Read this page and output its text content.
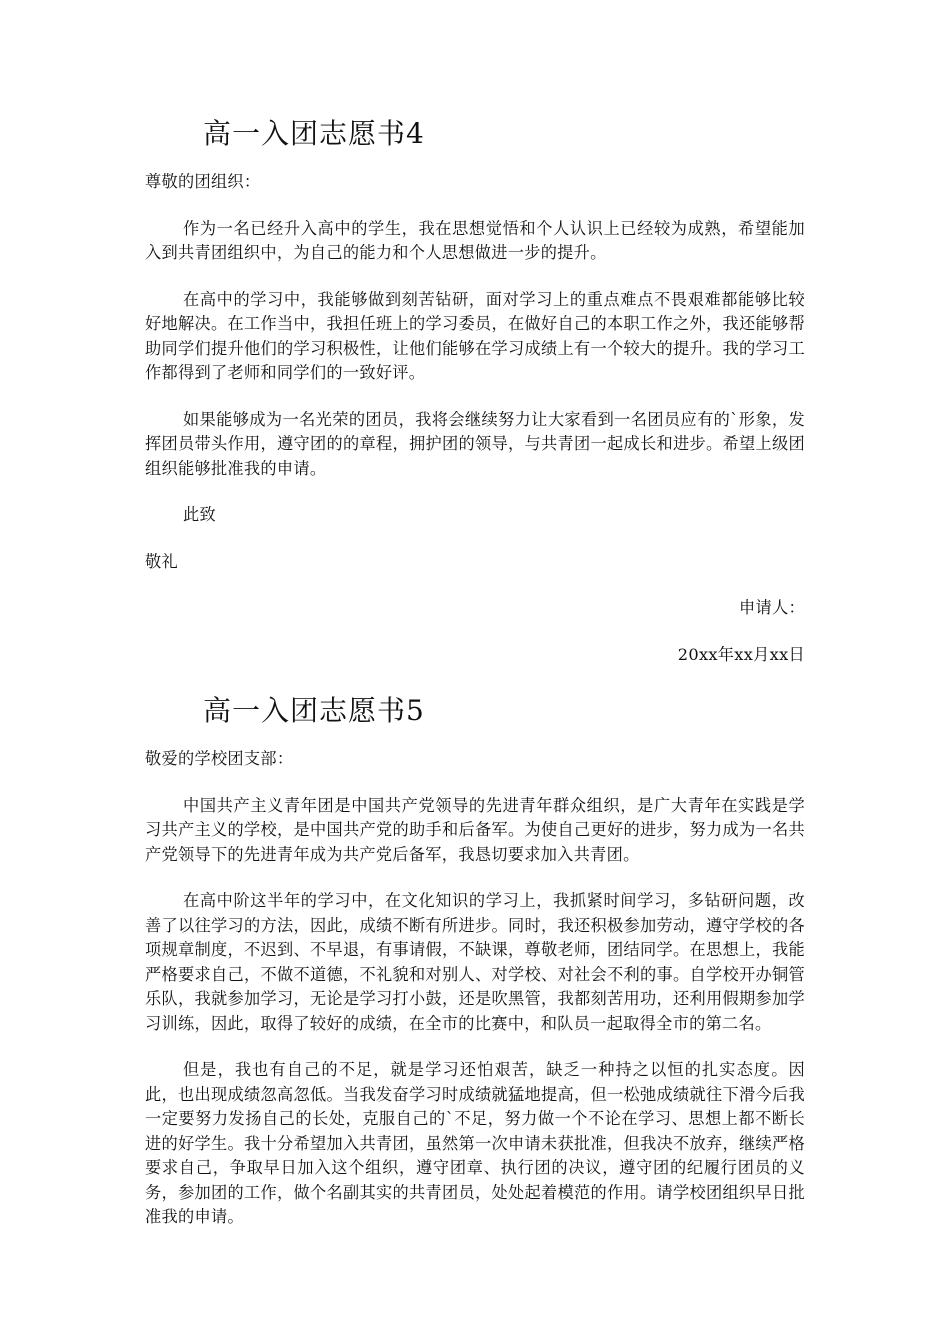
高一入团志愿书4

尊敬的团组织：

作为一名已经升入高中的学生，我在思想觉悟和个人认识上已经较为成熟，希望能加入到共青团组织中，为自己的能力和个人思想做进一步的提升。

在高中的学习中，我能够做到刻苦钻研，面对学习上的重点难点不畏艰难都能够比较好地解决。在工作当中，我担任班上的学习委员，在做好自己的本职工作之外，我还能够帮助同学们提升他们的学习积极性，让他们能够在学习成绩上有一个较大的提升。我的学习工作都得到了老师和同学们的一致好评。

如果能够成为一名光荣的团员，我将会继续努力让大家看到一名团员应有的`形象，发挥团员带头作用，遵守团的的章程，拥护团的领导，与共青团一起成长和进步。希望上级团组织能够批准我的申请。

此致

敬礼

申请人：

20xx年xx月xx日

高一入团志愿书5

敬爱的学校团支部：

中国共产主义青年团是中国共产党领导的先进青年群众组织，是广大青年在实践是学习共产主义的学校，是中国共产党的助手和后备军。为使自己更好的进步，努力成为一名共产党领导下的先进青年成为共产党后备军，我恳切要求加入共青团。

在高中阶这半年的学习中，在文化知识的学习上，我抓紧时间学习，多钻研问题，改善了以往学习的方法，因此，成绩不断有所进步。同时，我还积极参加劳动，遵守学校的各项规章制度，不迟到、不早退，有事请假，不缺课，尊敬老师，团结同学。在思想上，我能严格要求自己，不做不道德，不礼貌和对别人、对学校、对社会不利的事。自学校开办铜管乐队，我就参加学习，无论是学习打小鼓，还是吹黑管，我都刻苦用功，还利用假期参加学习训练，因此，取得了较好的成绩，在全市的比赛中，和队员一起取得全市的第二名。

但是，我也有自己的不足，就是学习还怕艰苦，缺乏一种持之以恒的扎实态度。因此，也出现成绩忽高忽低。当我发奋学习时成绩就猛地提高，但一松弛成绩就往下滑今后我一定要努力发扬自己的长处，克服自己的`不足，努力做一个不论在学习、思想上都不断长进的好学生。我十分希望加入共青团，虽然第一次申请未获批准，但我决不放弃，继续严格要求自己，争取早日加入这个组织，遵守团章、执行团的决议，遵守团的纪履行团员的义务，参加团的工作，做个名副其实的共青团员，处处起着模范的作用。请学校团组织早日批准我的申请。
